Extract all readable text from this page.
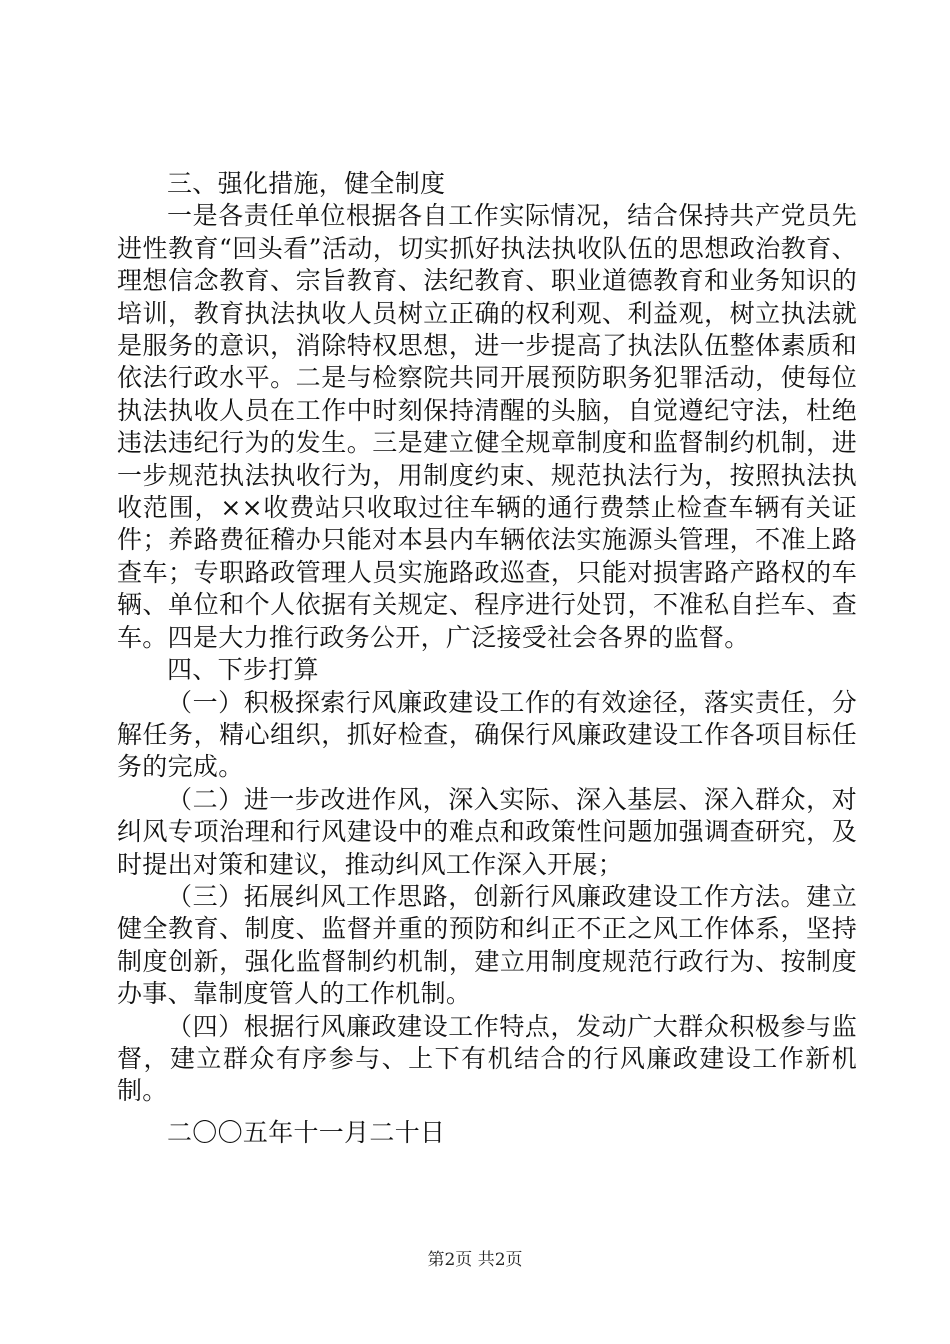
三、强化措施，健全制度

一是各责任单位根据各自工作实际情况，结合保持共产党员先进性教育“回头看”活动，切实抓好执法执收队伍的思想政治教育、理想信念教育、宗旨教育、法纪教育、职业道德教育和业务知识的培训，教育执法执收人员树立正确的权利观、利益观，树立执法就是服务的意识，消除特权思想，进一步提高了执法队伍整体素质和依法行政水平。二是与检察院共同开展预防职务犯罪活动，使每位执法执收人员在工作中时刻保持清醒的头脑，自觉遵纪守法，杜绝违法违纪行为的发生。三是建立健全规章制度和监督制约机制，进一步规范执法执收行为，用制度约束、规范执法行为，按照执法执收范围，××收费站只收取过往车辆的通行费禁止检查车辆有关证件；养路费征稽办只能对本县内车辆依法实施源头管理，不准上路查车；专职路政管理人员实施路政巡查，只能对损害路产路权的车辆、单位和个人依据有关规定、程序进行处罚，不准私自拦车、查车。四是大力推行政务公开，广泛接受社会各界的监督。

四、下步打算

（一）积极探索行风廉政建设工作的有效途径，落实责任，分解任务，精心组织，抓好检查，确保行风廉政建设工作各项目标任务的完成。

（二）进一步改进作风，深入实际、深入基层、深入群众，对纠风专项治理和行风建设中的难点和政策性问题加强调查研究，及时提出对策和建议，推动纠风工作深入开展；

（三）拓展纠风工作思路，创新行风廉政建设工作方法。建立健全教育、制度、监督并重的预防和纠正不正之风工作体系，坚持制度创新，强化监督制约机制，建立用制度规范行政行为、按制度办事、靠制度管人的工作机制。

（四）根据行风廉政建设工作特点，发动广大群众积极参与监督，建立群众有序参与、上下有机结合的行风廉政建设工作新机制。

二〇〇五年十一月二十日

第2页 共2页
